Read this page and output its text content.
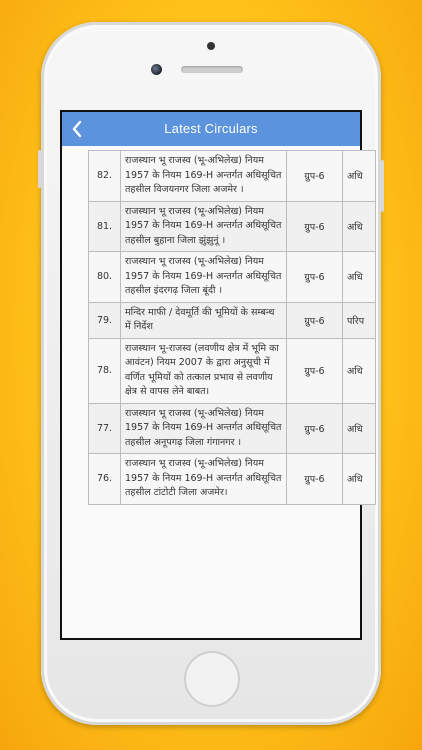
Latest Circulars
82.	राजस्थान भू राजस्व (भू-अभिलेख) नियम 1957 के नियम 169-H अन्तर्गत अधिसूचित तहसील विजयनगर जिला अजमेर ।	ग्रुप-6	अधि
81.	राजस्थान भू राजस्व (भू-अभिलेख) नियम 1957 के नियम 169-H अन्तर्गत अधिसूचित तहसील बुहाना जिला झुंझुनूं ।	ग्रुप-6	अधि
80.	राजस्थान भू राजस्व (भू-अभिलेख) नियम 1957 के नियम 169-H अन्तर्गत अधिसूचित तहसील इंदरगढ़ जिला बूंदी ।	ग्रुप-6	अधि
79.	मन्दिर माफी / देवमूर्ति की भूमियों के सम्बन्ध में निर्देश	ग्रुप-6	परिप
78.	राजस्थान भू-राजस्व (लवणीय क्षेत्र में भूमि का आवंटन) नियम 2007 के द्वारा अनुसूची में वर्णित भूमियों को तत्काल प्रभाव से लवणीय क्षेत्र से वापस लेने बाबत।	ग्रुप-6	अधि
77.	राजस्थान भू राजस्व (भू-अभिलेख) नियम 1957 के नियम 169-H अन्तर्गत अधिसूचित तहसील अनूपगढ़ जिला गंगानगर ।	ग्रुप-6	अधि
76.	राजस्थान भू राजस्व (भू-अभिलेख) नियम 1957 के नियम 169-H अन्तर्गत अधिसूचित तहसील टांटोटी जिला अजमेर।	ग्रुप-6	अधि
